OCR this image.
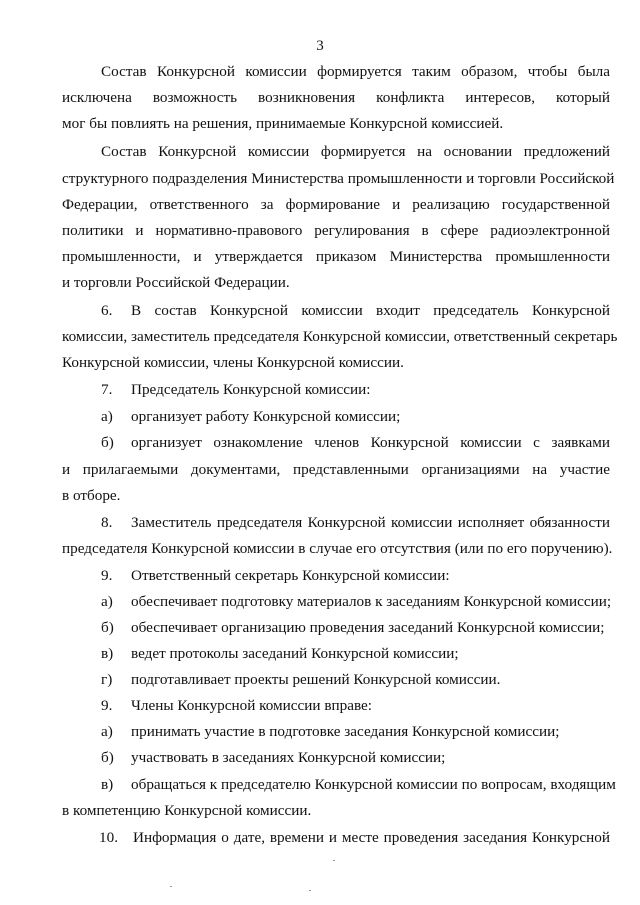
3
Состав Конкурсной комиссии формируется таким образом, чтобы была
исключена возможность возникновения конфликта интересов, который
мог бы повлиять на решения, принимаемые Конкурсной комиссией.
Состав Конкурсной комиссии формируется на основании предложений
структурного подразделения Министерства промышленности и торговли Российской
Федерации, ответственного за формирование и реализацию государственной
политики и нормативно-правового регулирования в сфере радиоэлектронной
промышленности, и утверждается приказом Министерства промышленности
и торговли Российской Федерации.
6. В состав Конкурсной комиссии входит председатель Конкурсной
комиссии, заместитель председателя Конкурсной комиссии, ответственный секретарь
Конкурсной комиссии, члены Конкурсной комиссии.
7. Председатель Конкурсной комиссии:
а) организует работу Конкурсной комиссии;
б) организует ознакомление членов Конкурсной комиссии с заявками
и прилагаемыми документами, представленными организациями на участие
в отборе.
8. Заместитель председателя Конкурсной комиссии исполняет обязанности
председателя Конкурсной комиссии в случае его отсутствия (или по его поручению).
9. Ответственный секретарь Конкурсной комиссии:
а) обеспечивает подготовку материалов к заседаниям Конкурсной комиссии;
б) обеспечивает организацию проведения заседаний Конкурсной комиссии;
в) ведет протоколы заседаний Конкурсной комиссии;
г) подготавливает проекты решений Конкурсной комиссии.
9. Члены Конкурсной комиссии вправе:
а) принимать участие в подготовке заседания Конкурсной комиссии;
б) участвовать в заседаниях Конкурсной комиссии;
в) обращаться к председателю Конкурсной комиссии по вопросам, входящим
в компетенцию Конкурсной комиссии.
10. Информация о дате, времени и месте проведения заседания Конкурсной
